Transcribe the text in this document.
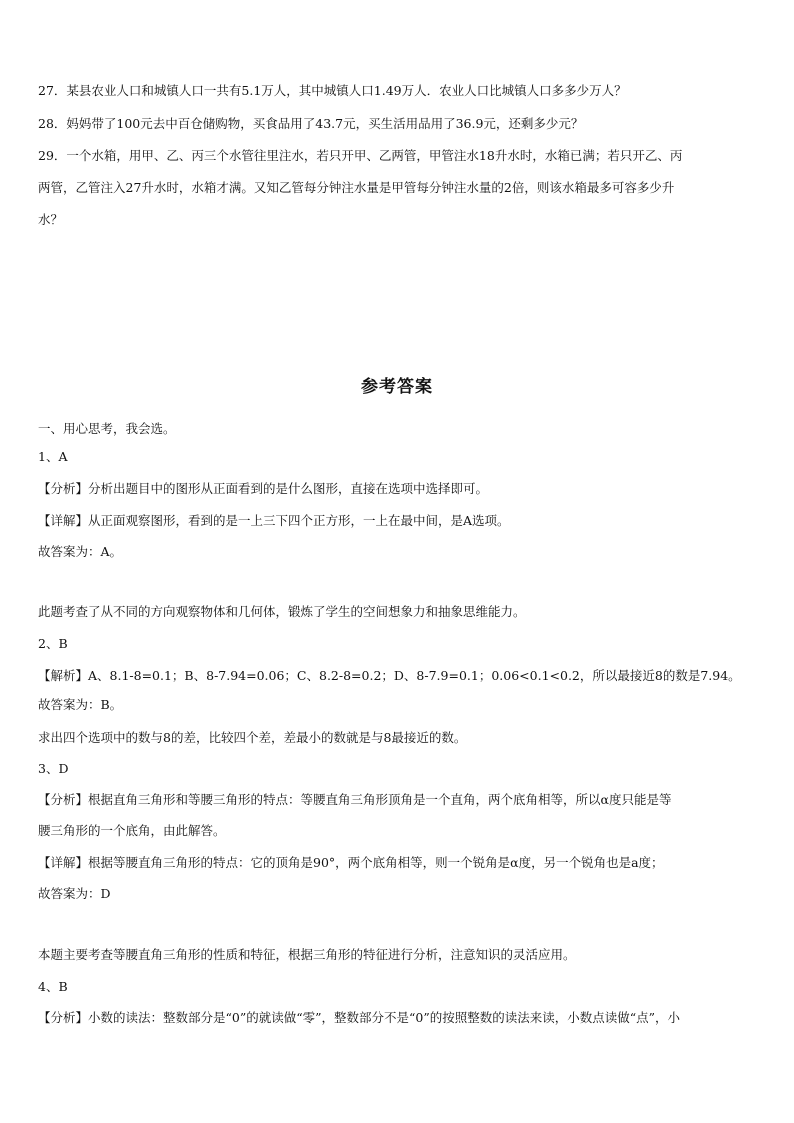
27．某县农业人口和城镇人口一共有5.1万人，其中城镇人口1.49万人．农业人口比城镇人口多多少万人？
28．妈妈带了100元去中百仓储购物，买食品用了43.7元，买生活用品用了36.9元，还剩多少元？
29．一个水箱，用甲、乙、丙三个水管往里注水，若只开甲、乙两管，甲管注水18升水时，水箱已满；若只开乙、丙
两管，乙管注入27升水时，水箱才满。又知乙管每分钟注水量是甲管每分钟注水量的2倍，则该水箱最多可容多少升
水？
参考答案
一、用心思考，我会选。
1、A
【分析】分析出题目中的图形从正面看到的是什么图形，直接在选项中选择即可。
【详解】从正面观察图形，看到的是一上三下四个正方形，一上在最中间，是A选项。
故答案为：A。
此题考查了从不同的方向观察物体和几何体，锻炼了学生的空间想象力和抽象思维能力。
2、B
【解析】A、8.1-8=0.1；B、8-7.94=0.06；C、8.2-8=0.2；D、8-7.9=0.1；0.06<0.1<0.2，所以最接近8的数是7.94。
故答案为：B。
求出四个选项中的数与8的差，比较四个差，差最小的数就是与8最接近的数。
3、D
【分析】根据直角三角形和等腰三角形的特点：等腰直角三角形顶角是一个直角，两个底角相等，所以α度只能是等
腰三角形的一个底角，由此解答。
【详解】根据等腰直角三角形的特点：它的顶角是90°，两个底角相等，则一个锐角是α度，另一个锐角也是a度；
故答案为：D
本题主要考查等腰直角三角形的性质和特征，根据三角形的特征进行分析，注意知识的灵活应用。
4、B
【分析】小数的读法：整数部分是“0”的就读做“零”，整数部分不是“0”的按照整数的读法来读，小数点读做“点”，小
